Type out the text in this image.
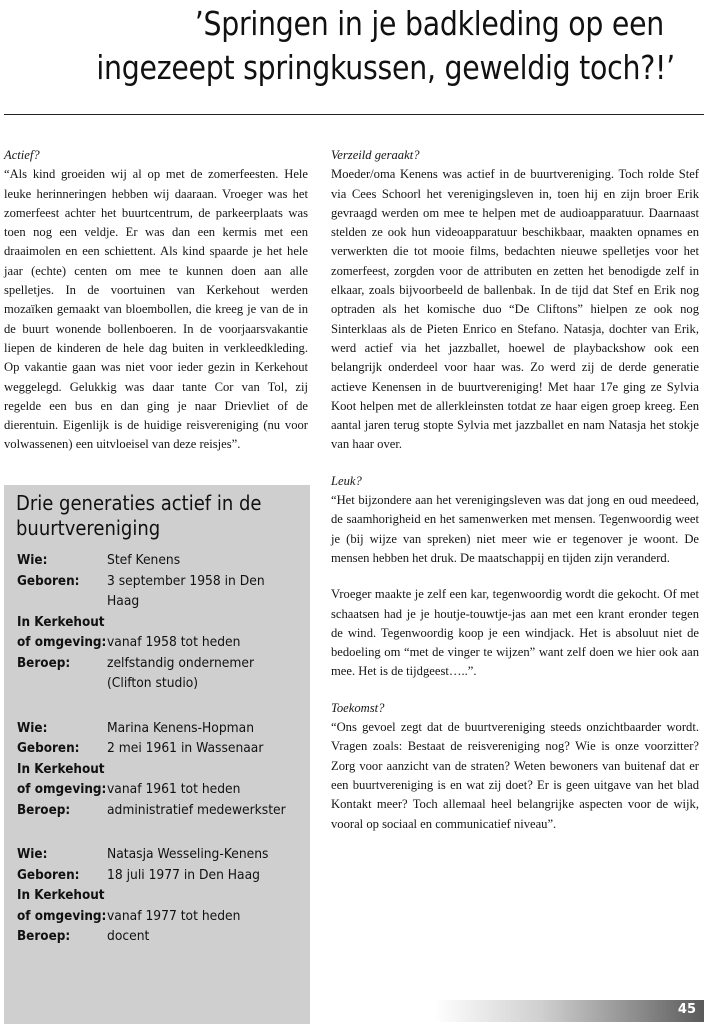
’Springen in je badkleding op een
ingezeept springkussen, geweldig toch?!’
Actief?

“Als kind groeiden wij al op met de zomerfeesten. Hele leuke herinneringen hebben wij daaraan. Vroeger was het zomerfeest achter het buurtcentrum, de parkeerplaats was toen nog een veldje. Er was dan een kermis met een draaimolen en een schiettent. Als kind spaarde je het hele jaar (echte) centen om mee te kunnen doen aan alle spelletjes. In de voortuinen van Kerkehout werden mozaïken gemaakt van bloembollen, die kreeg je van de in de buurt wonende bollenboeren. In de voorjaarsvakantie liepen de kinderen de hele dag buiten in verkleedkleding. Op vakantie gaan was niet voor ieder gezin in Kerkehout weggelegd. Gelukkig was daar tante Cor van Tol, zij regelde een bus en dan ging je naar Drievliet of de dierentuin. Eigenlijk is de huidige reisvereniging (nu voor volwassenen) een uitvloeisel van deze reisjes”.

Drie generaties actief in de buurtvereniging
Wie:	Stef Kenens
Geboren:	3 september 1958 in Den Haag
In Kerkehout
of omgeving: vanaf 1958 tot heden
Beroep:	zelfstandig ondernemer (Clifton studio)
Wie:	Marina Kenens-Hopman
Geboren:	2 mei 1961 in Wassenaar
In Kerkehout
of omgeving: vanaf 1961 tot heden
Beroep:	administratief medewerkster
Wie:	Natasja Wesseling-Kenens
Geboren:	18 juli 1977 in Den Haag
In Kerkehout
of omgeving: vanaf 1977 tot heden
Beroep:	docent
Verzeild geraakt?

Moeder/oma Kenens was actief in de buurtvereniging. Toch rolde Stef via Cees Schoorl het verenigingsleven in, toen hij en zijn broer Erik gevraagd werden om mee te helpen met de audioapparatuur. Daarnaast stelden ze ook hun videoapparatuur beschikbaar, maakten opnames en verwerkten die tot mooie films, bedachten nieuwe spelletjes voor het zomerfeest, zorgden voor de attributen en zetten het benodigde zelf in elkaar, zoals bijvoorbeeld de ballenbak. In de tijd dat Stef en Erik nog optraden als het komische duo “De Cliftons” hielpen ze ook nog Sinterklaas als de Pieten Enrico en Stefano. Natasja, dochter van Erik, werd actief via het jazzballet, hoewel de playbackshow ook een belangrijk onderdeel voor haar was. Zo werd zij de derde generatie actieve Kenensen in de buurtvereniging! Met haar 17e ging ze Sylvia Koot helpen met de allerkleinsten totdat ze haar eigen groep kreeg. Een aantal jaren terug stopte Sylvia met jazzballet en nam Natasja het stokje van haar over.

Leuk?

“Het bijzondere aan het verenigingsleven was dat jong en oud meedeed, de saamhorigheid en het samenwerken met mensen. Tegenwoordig weet je (bij wijze van spreken) niet meer wie er tegenover je woont. De mensen hebben het druk. De maatschappij en tijden zijn veranderd.

Vroeger maakte je zelf een kar, tegenwoordig wordt die gekocht. Of met schaatsen had je je houtje-touwtje-jas aan met een krant eronder tegen de wind. Tegenwoordig koop je een windjack. Het is absoluut niet de bedoeling om “met de vinger te wijzen” want zelf doen we hier ook aan mee. Het is de tijdgeest…..”.

Toekomst?

“Ons gevoel zegt dat de buurtvereniging steeds onzichtbaarder wordt. Vragen zoals: Bestaat de reisvereniging nog? Wie is onze voorzitter? Zorg voor aanzicht van de straten? Weten bewoners van buitenaf dat er een buurtvereniging is en wat zij doet? Er is geen uitgave van het blad Kontakt meer? Toch allemaal heel belangrijke aspecten voor de wijk, vooral op sociaal en communicatief niveau”.

45
